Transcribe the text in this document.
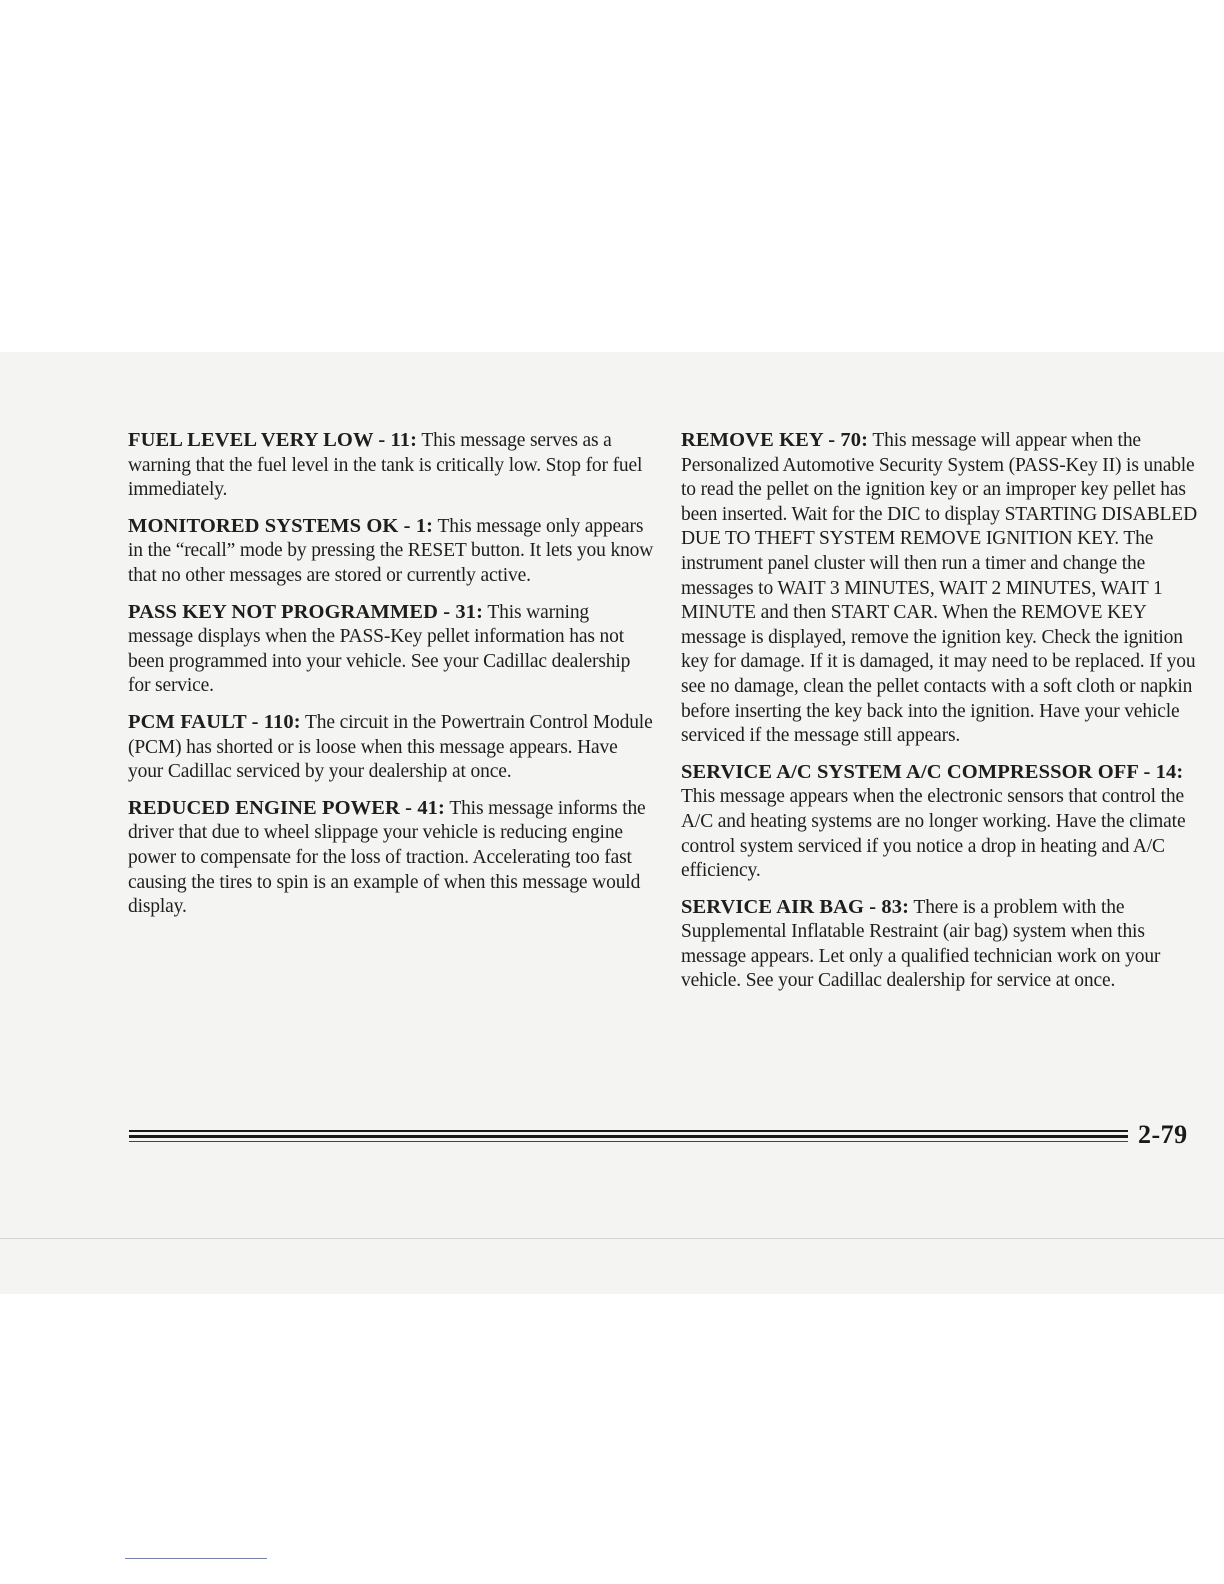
FUEL LEVEL VERY LOW - 11: This message serves as a warning that the fuel level in the tank is critically low. Stop for fuel immediately.

MONITORED SYSTEMS OK - 1: This message only appears in the “recall” mode by pressing the RESET button. It lets you know that no other messages are stored or currently active.

PASS KEY NOT PROGRAMMED - 31: This warning message displays when the PASS-Key pellet information has not been programmed into your vehicle. See your Cadillac dealership for service.

PCM FAULT - 110: The circuit in the Powertrain Control Module (PCM) has shorted or is loose when this message appears. Have your Cadillac serviced by your dealership at once.

REDUCED ENGINE POWER - 41: This message informs the driver that due to wheel slippage your vehicle is reducing engine power to compensate for the loss of traction. Accelerating too fast causing the tires to spin is an example of when this message would display.

REMOVE KEY - 70: This message will appear when the Personalized Automotive Security System (PASS-Key II) is unable to read the pellet on the ignition key or an improper key pellet has been inserted. Wait for the DIC to display STARTING DISABLED DUE TO THEFT SYSTEM REMOVE IGNITION KEY. The instrument panel cluster will then run a timer and change the messages to WAIT 3 MINUTES, WAIT 2 MINUTES, WAIT 1 MINUTE and then START CAR. When the REMOVE KEY message is displayed, remove the ignition key. Check the ignition key for damage. If it is damaged, it may need to be replaced. If you see no damage, clean the pellet contacts with a soft cloth or napkin before inserting the key back into the ignition. Have your vehicle serviced if the message still appears.

SERVICE A/C SYSTEM A/C COMPRESSOR OFF - 14: This message appears when the electronic sensors that control the A/C and heating systems are no longer working. Have the climate control system serviced if you notice a drop in heating and A/C efficiency.

SERVICE AIR BAG - 83: There is a problem with the Supplemental Inflatable Restraint (air bag) system when this message appears. Let only a qualified technician work on your vehicle. See your Cadillac dealership for service at once.

2-79
